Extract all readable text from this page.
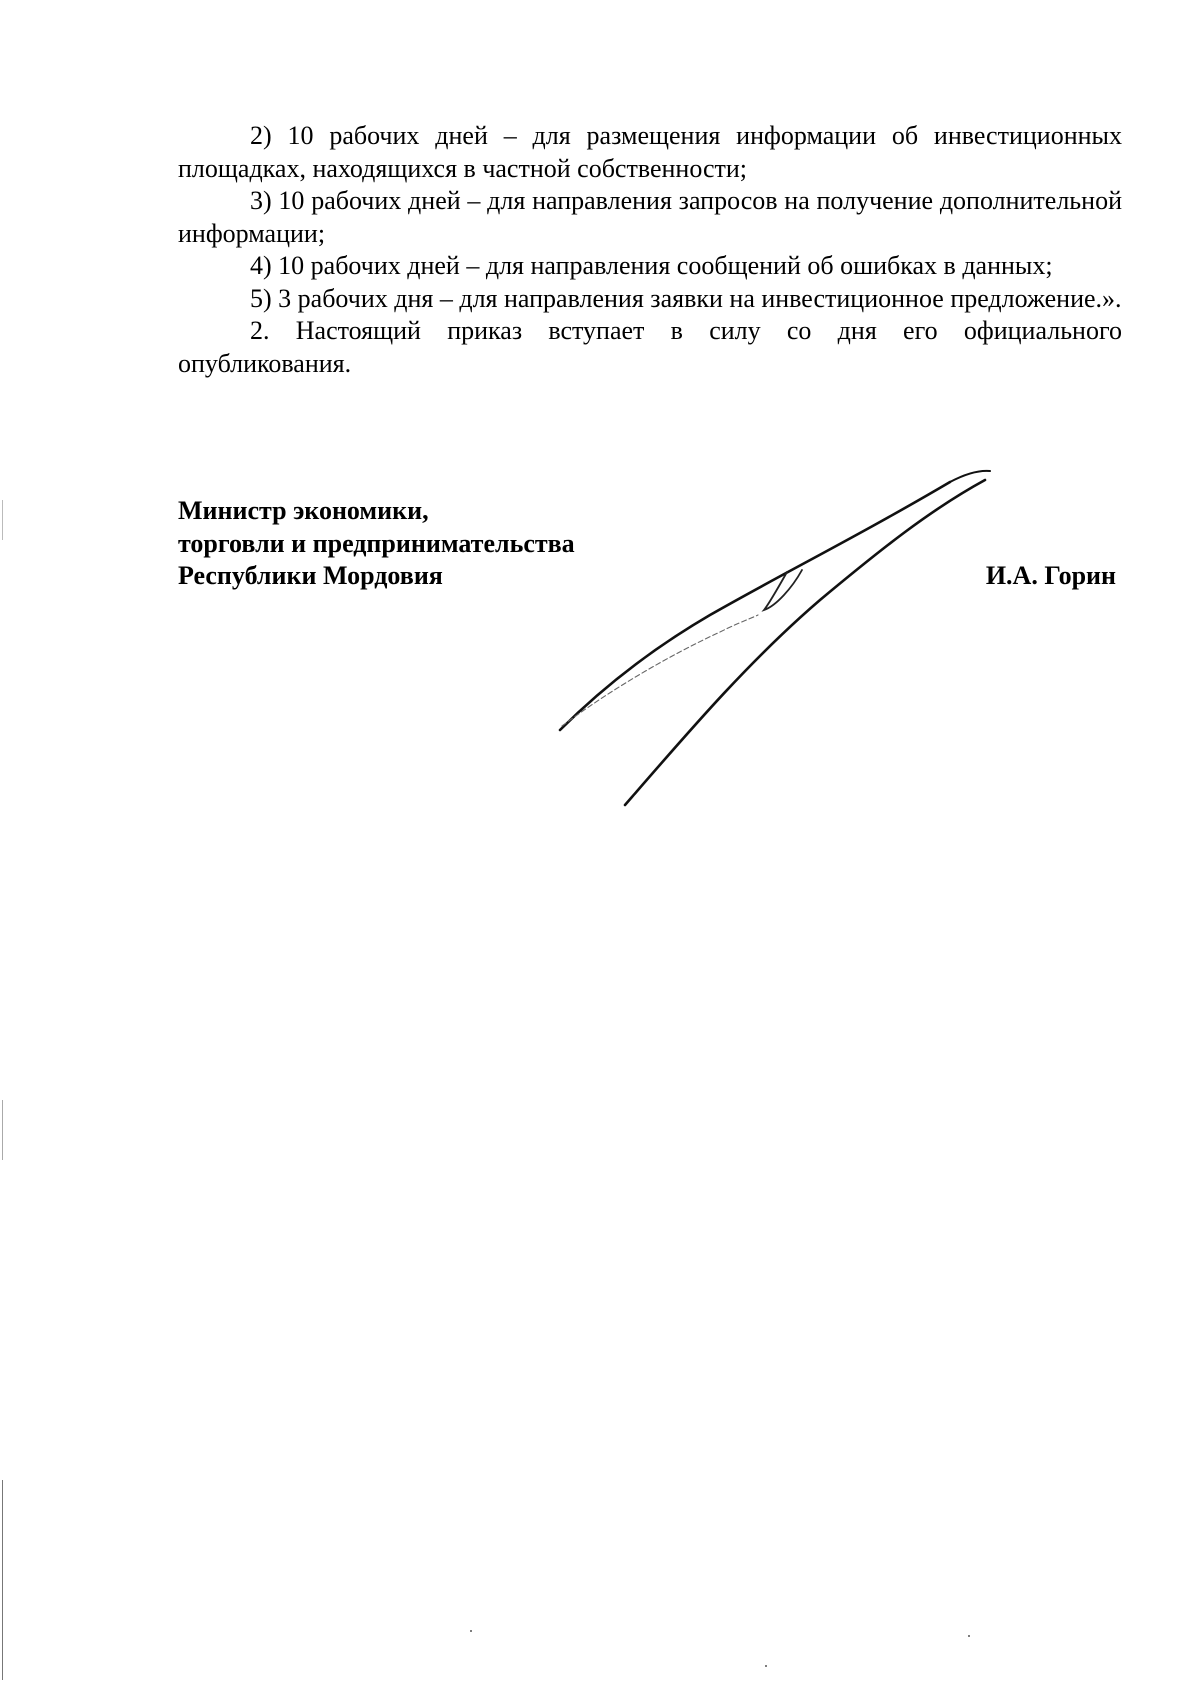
2) 10 рабочих дней – для размещения информации об инвестиционных площадках, находящихся в частной собственности;

3) 10 рабочих дней – для направления запросов на получение дополнительной информации;

4) 10 рабочих дней – для направления сообщений об ошибках в данных;

5) 3 рабочих дня – для направления заявки на инвестиционное предложение.».

2. Настоящий приказ вступает в силу со дня его официального опубликования.

Министр экономики,
торговли и предпринимательства
Республики Мордовия	И.А. Горин
